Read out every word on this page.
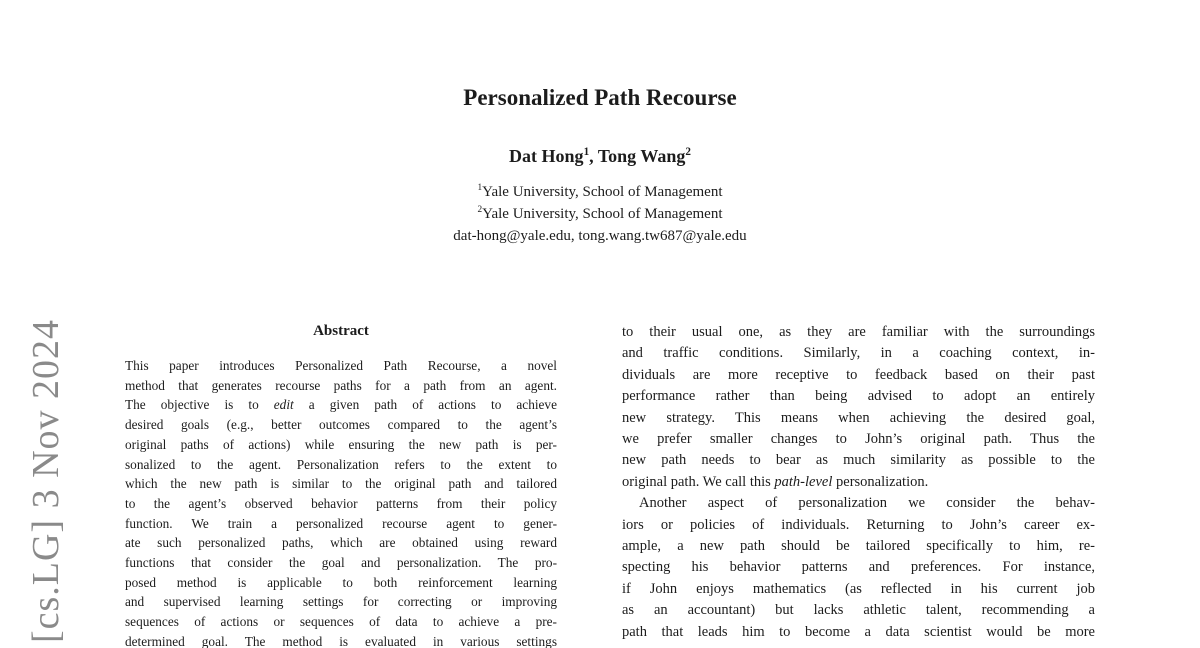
[cs.LG] 3 Nov 2024
Personalized Path Recourse
Dat Hong$^1$, Tong Wang$^2$
$^1$Yale University, School of Management
$^2$Yale University, School of Management
dat-hong@yale.edu, tong.wang.tw687@yale.edu
Abstract
This paper introduces Personalized Path Recourse, a novel
method that generates recourse paths for a path from an agent.
The objective is to edit a given path of actions to achieve
desired goals (e.g., better outcomes compared to the agent’s
original paths of actions) while ensuring the new path is per-
sonalized to the agent. Personalization refers to the extent to
which the new path is similar to the original path and tailored
to the agent’s observed behavior patterns from their policy
function. We train a personalized recourse agent to gener-
ate such personalized paths, which are obtained using reward
functions that consider the goal and personalization. The pro-
posed method is applicable to both reinforcement learning
and supervised learning settings for correcting or improving
sequences of actions or sequences of data to achieve a pre-
determined goal. The method is evaluated in various settings
to their usual one, as they are familiar with the surroundings
and traffic conditions. Similarly, in a coaching context, in-
dividuals are more receptive to feedback based on their past
performance rather than being advised to adopt an entirely
new strategy. This means when achieving the desired goal,
we prefer smaller changes to John’s original path. Thus the
new path needs to bear as much similarity as possible to the
original path. We call this path-level personalization.
Another aspect of personalization we consider the behav-
iors or policies of individuals. Returning to John’s career ex-
ample, a new path should be tailored specifically to him, re-
specting his behavior patterns and preferences. For instance,
if John enjoys mathematics (as reflected in his current job
as an accountant) but lacks athletic talent, recommending a
path that leads him to become a data scientist would be more
